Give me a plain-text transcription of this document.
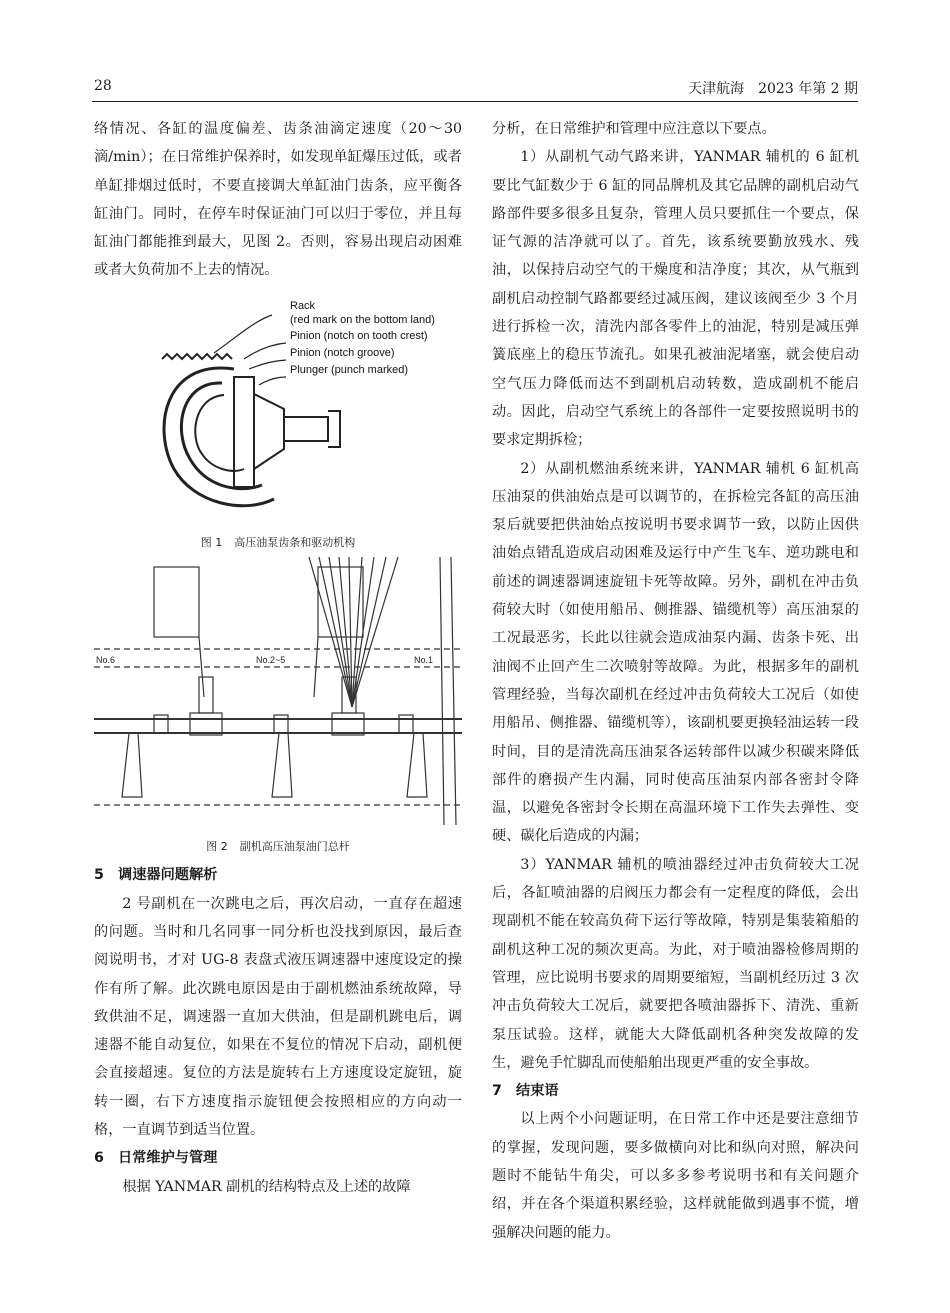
28	天津航海　2023 年第 2 期

络情况、各缸的温度偏差、齿条油滴定速度（20～30 滴/min）；在日常维护保养时，如发现单缸爆压过低，或者单缸排烟过低时，不要直接调大单缸油门齿条，应平衡各缸油门。同时，在停车时保证油门可以归于零位，并且每缸油门都能推到最大，见图 2。否则，容易出现启动困难或者大负荷加不上去的情况。

Rack
(red mark on the bottom land)
Pinion (notch on tooth crest)
Pinion (notch groove)
Plunger (punch marked)
图 1 高压油泵齿条和驱动机构
No.6	No.2~5	No.1
图 2 副机高压油泵油门总杆
5 调速器问题解析

2 号副机在一次跳电之后，再次启动，一直存在超速的问题。当时和几名同事一同分析也没找到原因，最后查阅说明书，才对 UG-8 表盘式液压调速器中速度设定的操作有所了解。此次跳电原因是由于副机燃油系统故障，导致供油不足，调速器一直加大供油，但是副机跳电后，调速器不能自动复位，如果在不复位的情况下启动，副机便会直接超速。复位的方法是旋转右上方速度设定旋钮，旋转一圈，右下方速度指示旋钮便会按照相应的方向动一格，一直调节到适当位置。

6 日常维护与管理

根据 YANMAR 副机的结构特点及上述的故障

分析，在日常维护和管理中应注意以下要点。

1）从副机气动气路来讲，YANMAR 辅机的 6 缸机要比气缸数少于 6 缸的同品牌机及其它品牌的副机启动气路部件要多很多且复杂，管理人员只要抓住一个要点，保证气源的洁净就可以了。首先，该系统要勤放残水、残油，以保持启动空气的干燥度和洁净度；其次，从气瓶到副机启动控制气路都要经过减压阀，建议该阀至少 3 个月进行拆检一次，清洗内部各零件上的油泥，特别是减压弹簧底座上的稳压节流孔。如果孔被油泥堵塞，就会使启动空气压力降低而达不到副机启动转数，造成副机不能启动。因此，启动空气系统上的各部件一定要按照说明书的要求定期拆检；

2）从副机燃油系统来讲，YANMAR 辅机 6 缸机高压油泵的供油始点是可以调节的，在拆检完各缸的高压油泵后就要把供油始点按说明书要求调节一致，以防止因供油始点错乱造成启动困难及运行中产生飞车、逆功跳电和前述的调速器调速旋钮卡死等故障。另外，副机在冲击负荷较大时（如使用船吊、侧推器、锚缆机等）高压油泵的工况最恶劣，长此以往就会造成油泵内漏、齿条卡死、出油阀不止回产生二次喷射等故障。为此，根据多年的副机管理经验，当每次副机在经过冲击负荷较大工况后（如使用船吊、侧推器、锚缆机等），该副机要更换轻油运转一段时间，目的是清洗高压油泵各运转部件以减少积碳来降低部件的磨损产生内漏，同时使高压油泵内部各密封令降温，以避免各密封令长期在高温环境下工作失去弹性、变硬、碳化后造成的内漏；

3）YANMAR 辅机的喷油器经过冲击负荷较大工况后，各缸喷油器的启阀压力都会有一定程度的降低，会出现副机不能在较高负荷下运行等故障，特别是集装箱船的副机这种工况的频次更高。为此，对于喷油器检修周期的管理，应比说明书要求的周期要缩短，当副机经历过 3 次冲击负荷较大工况后，就要把各喷油器拆下、清洗、重新泵压试验。这样，就能大大降低副机各种突发故障的发生，避免手忙脚乱而使船舶出现更严重的安全事故。

7 结束语

以上两个小问题证明，在日常工作中还是要注意细节的掌握，发现问题，要多做横向对比和纵向对照，解决问题时不能钻牛角尖，可以多多参考说明书和有关问题介绍，并在各个渠道积累经验，这样就能做到遇事不慌，增强解决问题的能力。
